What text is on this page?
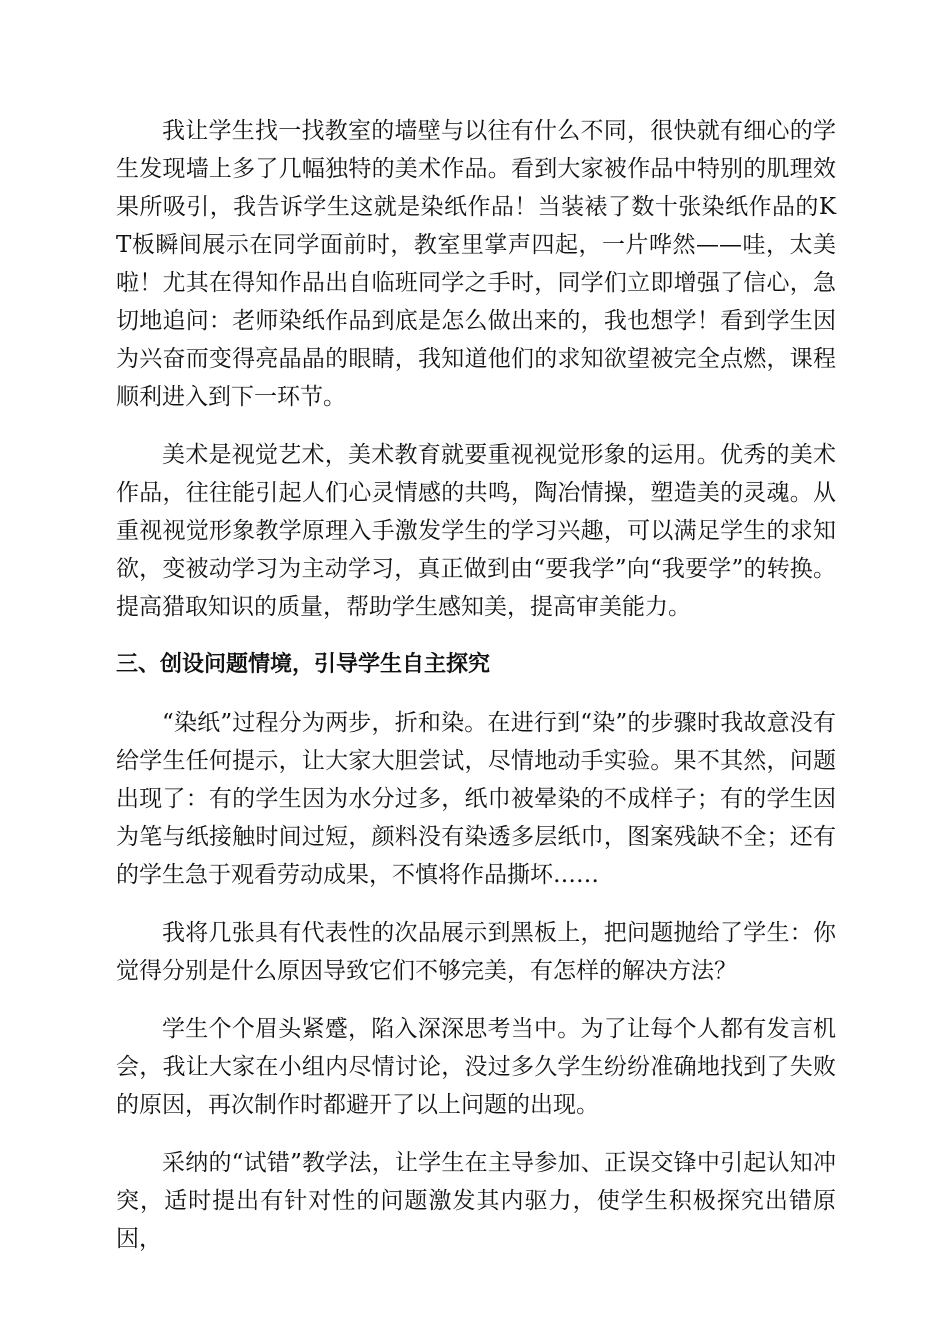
我让学生找一找教室的墙壁与以往有什么不同，很快就有细心的学生发现墙上多了几幅独特的美术作品。看到大家被作品中特别的肌理效果所吸引，我告诉学生这就是染纸作品！当装裱了数十张染纸作品的KT板瞬间展示在同学面前时，教室里掌声四起，一片哗然——哇，太美啦！尤其在得知作品出自临班同学之手时，同学们立即增强了信心，急切地追问：老师染纸作品到底是怎么做出来的，我也想学！看到学生因为兴奋而变得亮晶晶的眼睛，我知道他们的求知欲望被完全点燃，课程顺利进入到下一环节。

美术是视觉艺术，美术教育就要重视视觉形象的运用。优秀的美术作品，往往能引起人们心灵情感的共鸣，陶冶情操，塑造美的灵魂。从重视视觉形象教学原理入手激发学生的学习兴趣，可以满足学生的求知欲，变被动学习为主动学习，真正做到由“要我学”向“我要学”的转换。提高猎取知识的质量，帮助学生感知美，提高审美能力。

三、创设问题情境，引导学生自主探究

“染纸”过程分为两步，折和染。在进行到“染”的步骤时我故意没有给学生任何提示，让大家大胆尝试，尽情地动手实验。果不其然，问题出现了：有的学生因为水分过多，纸巾被晕染的不成样子；有的学生因为笔与纸接触时间过短，颜料没有染透多层纸巾，图案残缺不全；还有的学生急于观看劳动成果，不慎将作品撕坏……

我将几张具有代表性的次品展示到黑板上，把问题抛给了学生：你觉得分别是什么原因导致它们不够完美，有怎样的解决方法？

学生个个眉头紧蹙，陷入深深思考当中。为了让每个人都有发言机会，我让大家在小组内尽情讨论，没过多久学生纷纷准确地找到了失败的原因，再次制作时都避开了以上问题的出现。

采纳的“试错”教学法，让学生在主导参加、正误交锋中引起认知冲突，适时提出有针对性的问题激发其内驱力，使学生积极探究出错原因，
